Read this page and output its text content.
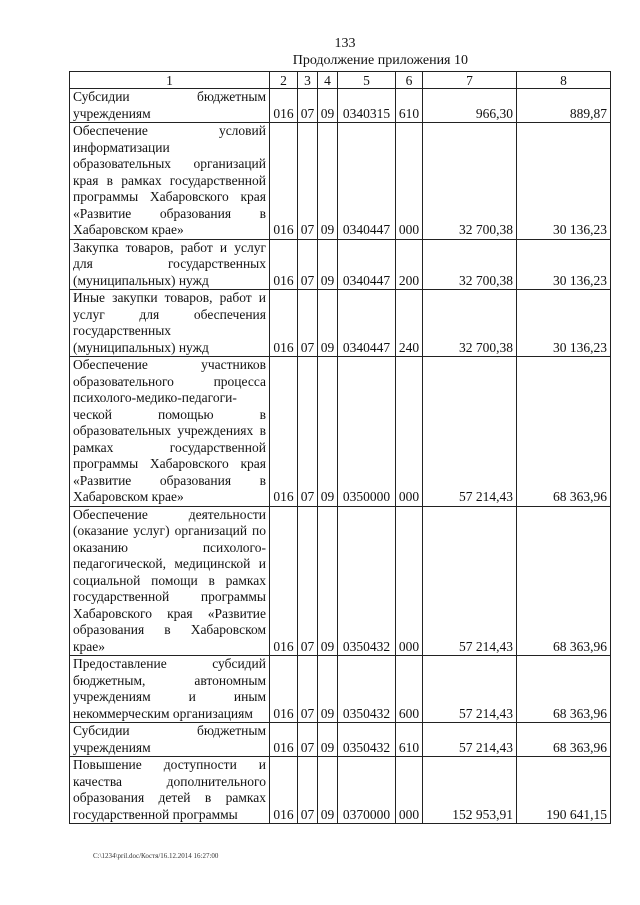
133
Продолжение приложения 10
1	2	3	4	5	6	7	8
Субсидии бюджетным учреждениям	016	07	09	0340315	610	966,30	889,87
Обеспечение условий информатизации образовательных организаций края в рамках государственной программы Хабаровского края «Развитие образования в Хабаровском крае»	016	07	09	0340447	000	32 700,38	30 136,23
Закупка товаров, работ и услуг для государственных (муниципальных) нужд	016	07	09	0340447	200	32 700,38	30 136,23
Иные закупки товаров, работ и услуг для обеспечения государственных (муниципальных) нужд	016	07	09	0340447	240	32 700,38	30 136,23
Обеспечение участников образовательного процесса психолого-медико-педагоги-ческой помощью в образовательных учреждениях в рамках государственной программы Хабаровского края «Развитие образования в Хабаровском крае»	016	07	09	0350000	000	57 214,43	68 363,96
Обеспечение деятельности (оказание услуг) организаций по оказанию психолого-педагогической, медицинской и социальной помощи в рамках государственной программы Хабаровского края «Развитие образования в Хабаровском крае»	016	07	09	0350432	000	57 214,43	68 363,96
Предоставление субсидий бюджетным, автономным учреждениям и иным некоммерческим организациям	016	07	09	0350432	600	57 214,43	68 363,96
Субсидии бюджетным учреждениям	016	07	09	0350432	610	57 214,43	68 363,96
Повышение доступности и качества дополнительного образования детей в рамках государственной программы	016	07	09	0370000	000	152 953,91	190 641,15
C:\1234\pril.doc/Костя/16.12.2014 16:27:00
